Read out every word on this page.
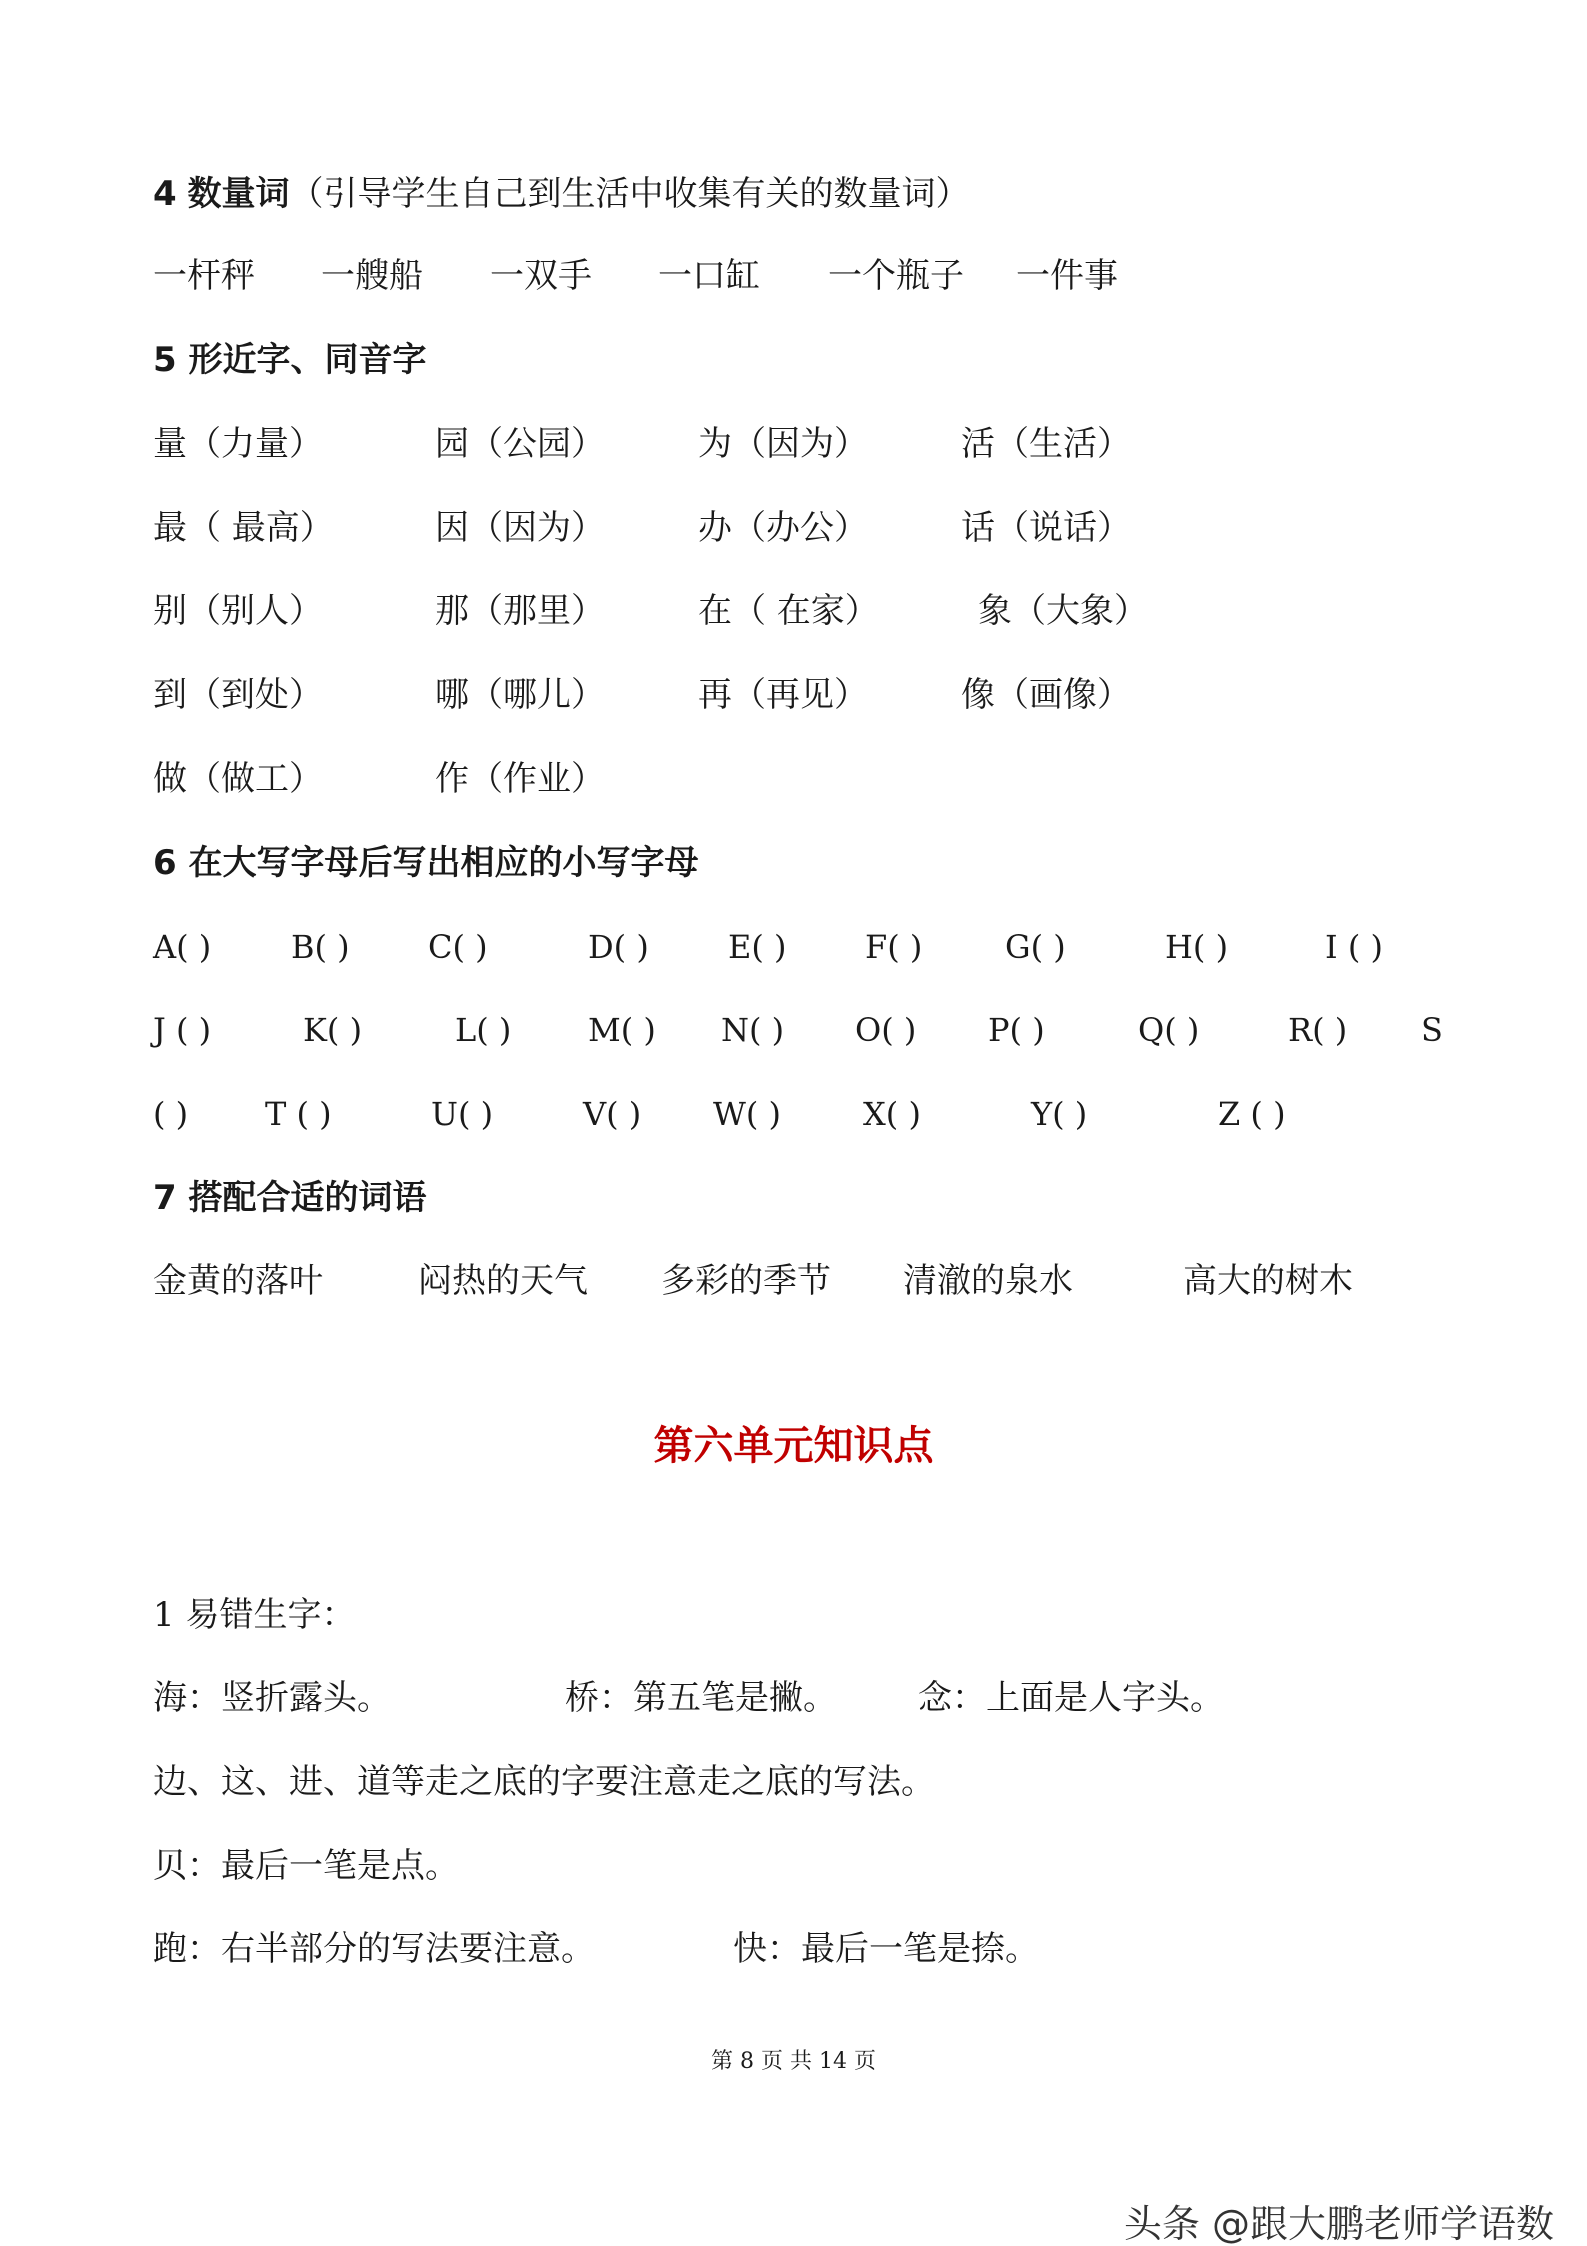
4 数量词（引导学生自己到生活中收集有关的数量词）
一杆秤 一艘船 一双手 一口缸 一个瓶子 一件事
5 形近字、同音字
量（力量）	园（公园）	为（因为）	活（生活）
最（ 最高）	因（因为）	办（办公）	话（说话）
别（别人）	那（那里）	在（ 在家）	象（大象）
到（到处）	哪（哪儿）	再（再见）	像（画像）
做（做工）	作（作业）
6 在大写字母后写出相应的小写字母
A( ) B( ) C( )	D( ) E( ) F( )	G( )	H( )	I ( )
J ( )	K( )	L( ) M( ) N( ) O( ) P( )	Q( )	R( ) S
( ) T ( )	U( )	V( ) W( )	X( )	Y( )	Z ( )
7 搭配合适的词语
金黄的落叶	闷热的天气 多彩的季节 清澈的泉水	高大的树木
第六单元知识点
1 易错生字：
海：竖折露头。	桥：第五笔是撇。 念：上面是人字头。
边、这、进、道等走之底的字要注意走之底的写法。
贝：最后一笔是点。
跑：右半部分的写法要注意。	快：最后一笔是捺。
第 8 页 共 14 页
头条 @跟大鹏老师学语数
